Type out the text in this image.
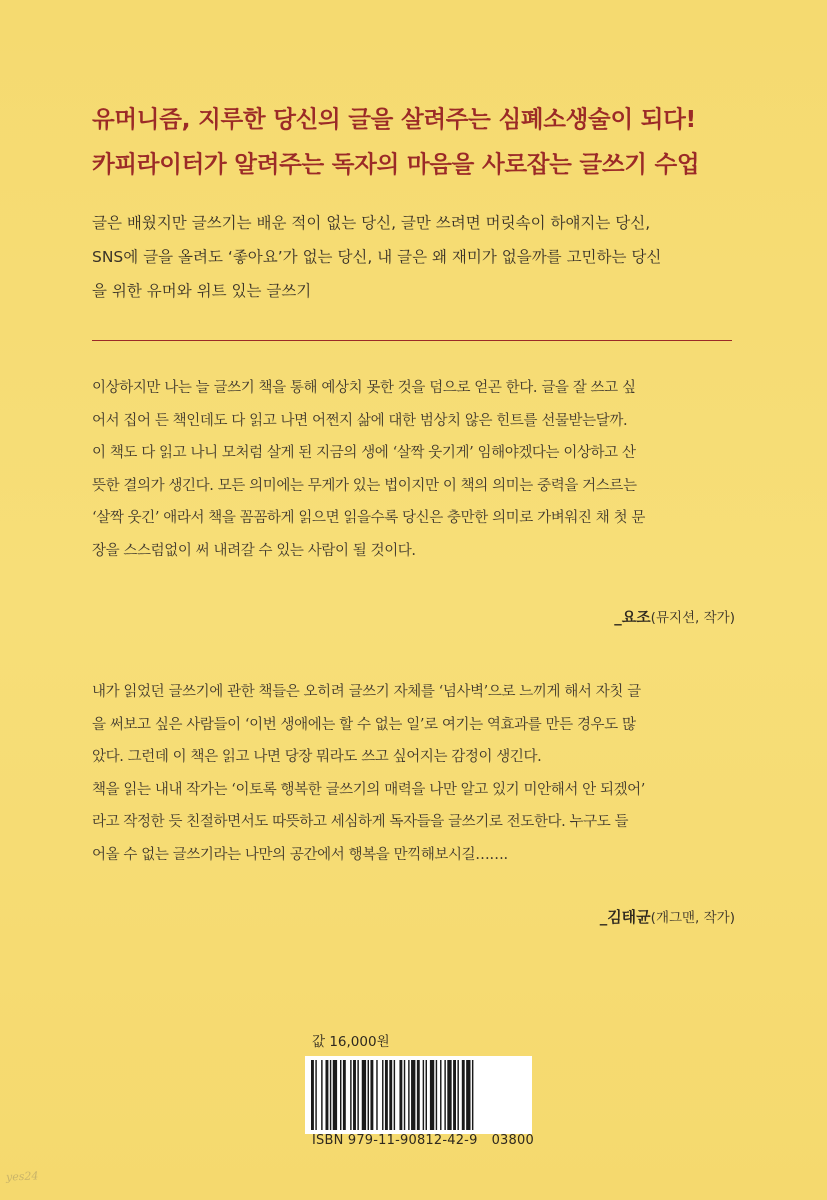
유머니즘, 지루한 당신의 글을 살려주는 심폐소생술이 되다!
카피라이터가 알려주는 독자의 마음을 사로잡는 글쓰기 수업
글은 배웠지만 글쓰기는 배운 적이 없는 당신, 글만 쓰려면 머릿속이 하얘지는 당신,
SNS에 글을 올려도 ‘좋아요’가 없는 당신, 내 글은 왜 재미가 없을까를 고민하는 당신
을 위한 유머와 위트 있는 글쓰기
이상하지만 나는 늘 글쓰기 책을 통해 예상치 못한 것을 덤으로 얻곤 한다. 글을 잘 쓰고 싶
어서 집어 든 책인데도 다 읽고 나면 어쩐지 삶에 대한 범상치 않은 힌트를 선물받는달까.
이 책도 다 읽고 나니 모처럼 살게 된 지금의 생에 ‘살짝 웃기게’ 임해야겠다는 이상하고 산
뜻한 결의가 생긴다. 모든 의미에는 무게가 있는 법이지만 이 책의 의미는 중력을 거스르는
‘살짝 웃긴’ 애라서 책을 꼼꼼하게 읽으면 읽을수록 당신은 충만한 의미로 가벼워진 채 첫 문
장을 스스럼없이 써 내려갈 수 있는 사람이 될 것이다.
_요조(뮤지션, 작가)
내가 읽었던 글쓰기에 관한 책들은 오히려 글쓰기 자체를 ‘넘사벽’으로 느끼게 해서 자칫 글
을 써보고 싶은 사람들이 ‘이번 생애에는 할 수 없는 일’로 여기는 역효과를 만든 경우도 많
았다. 그런데 이 책은 읽고 나면 당장 뭐라도 쓰고 싶어지는 감정이 생긴다.
책을 읽는 내내 작가는 ‘이토록 행복한 글쓰기의 매력을 나만 알고 있기 미안해서 안 되겠어’
라고 작정한 듯 친절하면서도 따뜻하고 세심하게 독자들을 글쓰기로 전도한다. 누구도 들
어올 수 없는 글쓰기라는 나만의 공간에서 행복을 만끽해보시길…….
_김태균(개그맨, 작가)
값 16,000원
ISBN 979-11-90812-42-9 03800
yes24
